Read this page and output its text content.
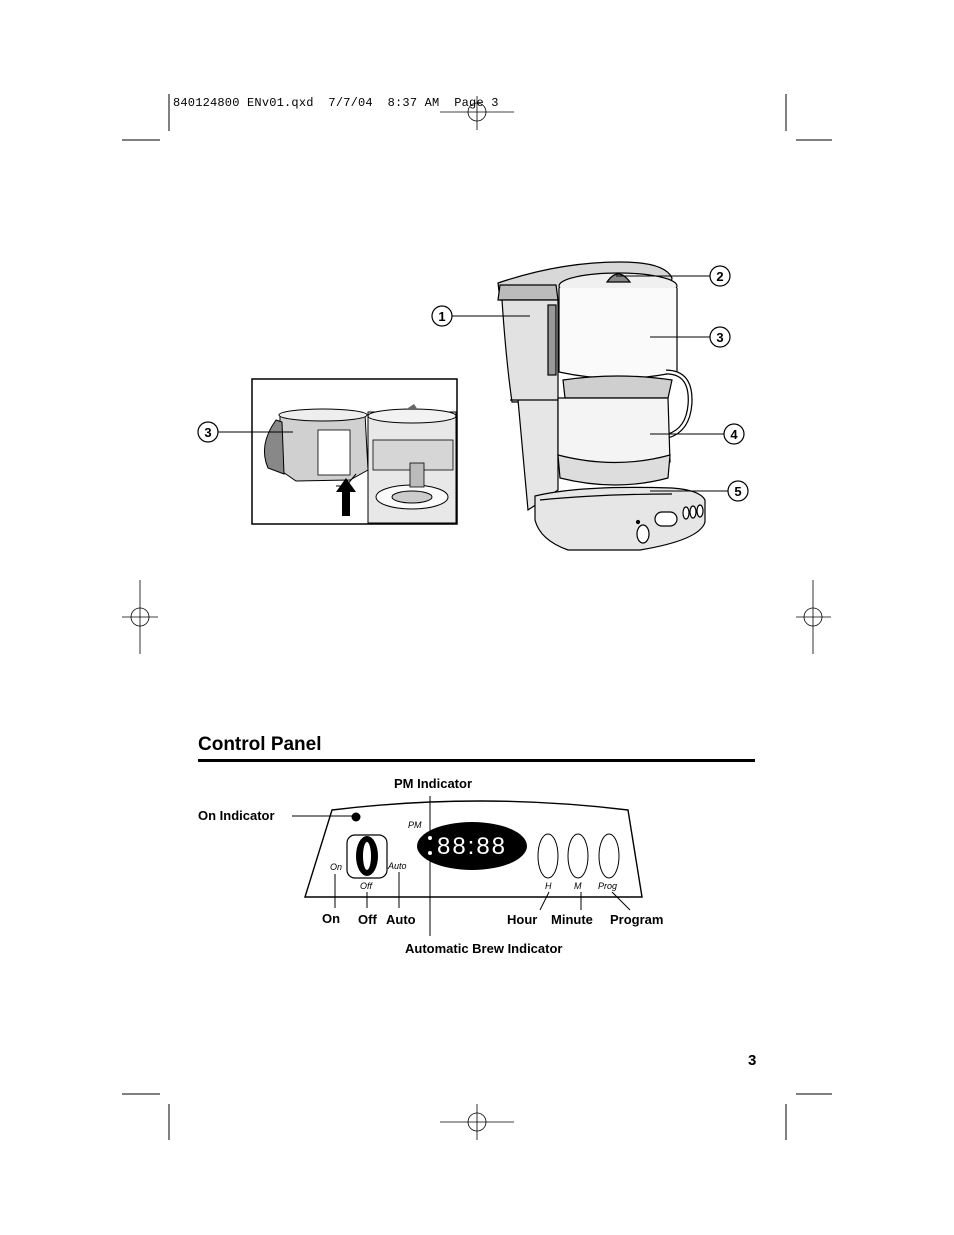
840124800 ENv01.qxd  7/7/04  8:37 AM  Page 3
1
2
3
3
4
5
On
Off
Auto
PM
H	M Prog
88:88
Control Panel
On Indicator
PM Indicator
On Off Auto	Hour Minute Program
Automatic Brew Indicator
3
